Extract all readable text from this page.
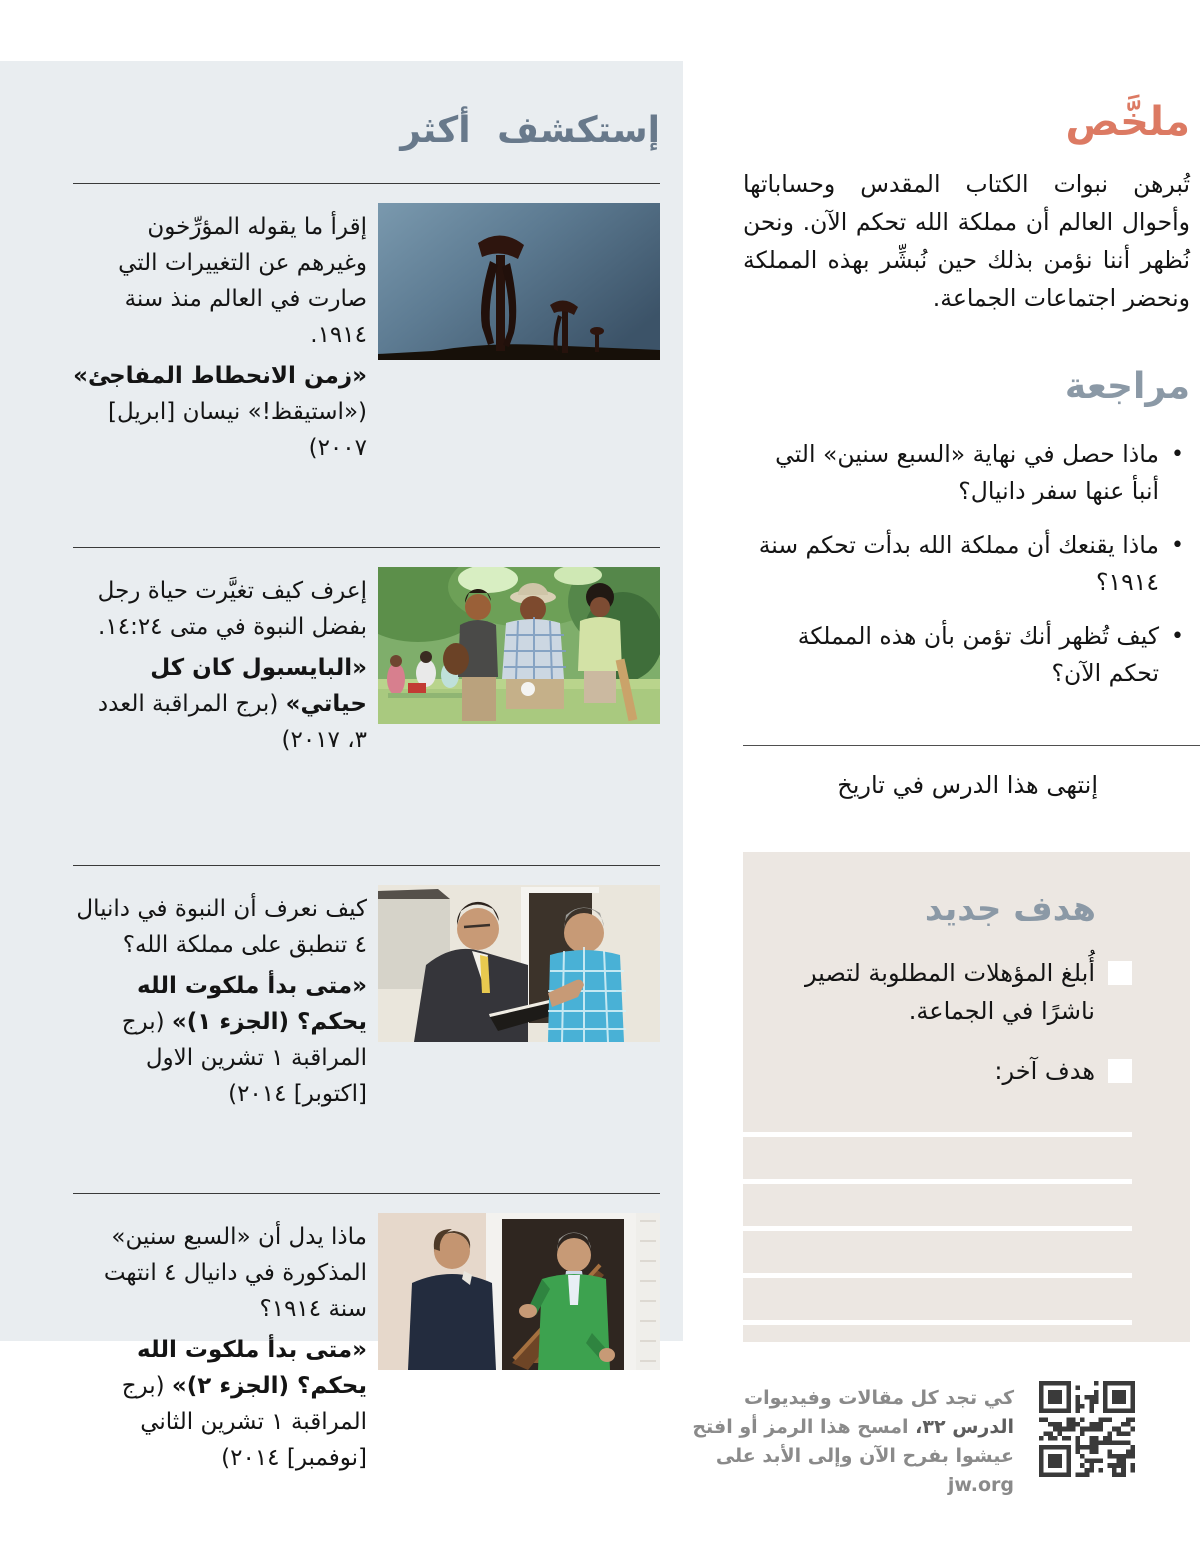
إستكشف أكثر

إقرأ ما يقوله المؤرِّخون وغيرهم عن التغييرات التي صارت في العالم منذ سنة ١٩١٤.

«زمن الانحطاط المفاجئ» («استيقظ!» نيسان [ابريل] ٢٠٠٧)

إعرف كيف تغيَّرت حياة رجل بفضل النبوة في متى ٢٤:‏١٤.

«البايسبول كان كل حياتي» (برج المراقبة العدد ٣، ٢٠١٧)

كيف نعرف أن النبوة في دانيال ٤ تنطبق على مملكة الله؟

«متى بدأ ملكوت الله يحكم؟ (الجزء ١)» (برج المراقبة ١ تشرين الاول [اكتوبر] ٢٠١٤)

ماذا يدل أن «السبع سنين» المذكورة في دانيال ٤ انتهت سنة ١٩١٤؟

«متى بدأ ملكوت الله يحكم؟ (الجزء ٢)» (برج المراقبة ١ تشرين الثاني [نوفمبر] ٢٠١٤)

ملخَّص

تُبرهن نبوات الكتاب المقدس وحساباتها وأحوال العالم أن مملكة الله تحكم الآن. ونحن نُظهر أننا نؤمن بذلك حين نُبشِّر بهذه المملكة ونحضر اجتماعات الجماعة.

مراجعة
•
ماذا حصل في نهاية «السبع سنين» التي أنبأ عنها سفر دانيال؟
•
ماذا يقنعك أن مملكة الله بدأت تحكم سنة ١٩١٤؟
•
كيف تُظهر أنك تؤمن بأن هذه المملكة تحكم الآن؟

إنتهى هذا الدرس في تاريخ

هدف جديد
أُبلغ المؤهلات المطلوبة لتصير ناشرًا في الجماعة.
هدف آخر:

كي تجد كل مقالات وفيديوات الدرس ٣٢، امسح هذا الرمز أو افتح عيشوا بفرح الآن وإلى الأبد على jw.org
